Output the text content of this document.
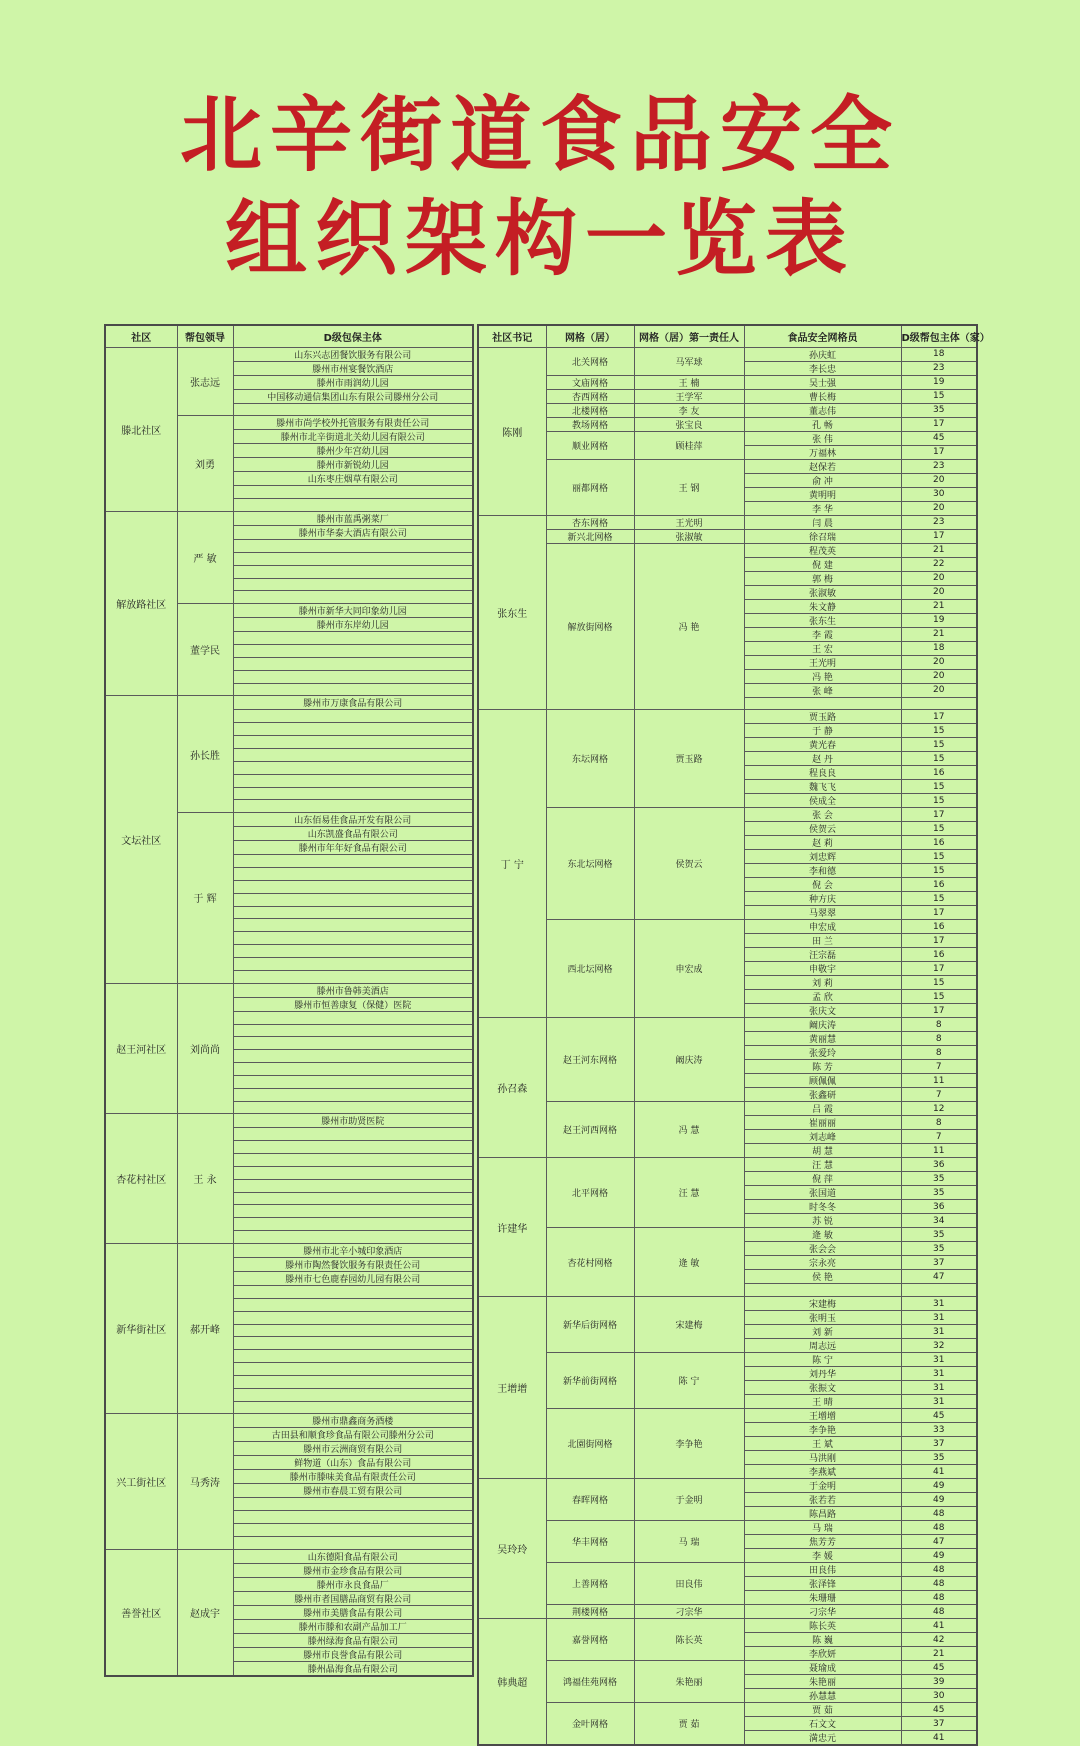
北辛街道食品安全
组织架构一览表
社区	帮包领导	D级包保主体
滕北社区	张志远	山东兴志团餐饮服务有限公司
		滕州市州宴餐饮酒店
		滕州市雨润幼儿园
		中国移动通信集团山东有限公司滕州分公司

	刘勇	滕州市尚学校外托管服务有限责任公司
		滕州市北辛街道北关幼儿园有限公司
		滕州少年宫幼儿园
		滕州市新锐幼儿园
		山东枣庄烟草有限公司

解放路社区	严 敏	滕州市蓝禹粥菜厂
		滕州市华泰大酒店有限公司

	董学民	滕州市新华大同印象幼儿园
		滕州市东岸幼儿园

文坛社区	孙长胜	滕州市万康食品有限公司

	于 辉	山东佰易佳食品开发有限公司
		山东凯盛食品有限公司
		滕州市年年好食品有限公司

赵王河社区	刘尚尚	滕州市鲁韩美酒店
		滕州市恒善康复（保健）医院

杏花村社区	王 永	滕州市助贤医院

新华街社区	郝开峰	滕州市北辛小城印象酒店
		滕州市陶然餐饮服务有限责任公司
		滕州市七色鹿春园幼儿园有限公司

兴工街社区	马秀涛	滕州市鼎鑫商务酒楼
		古田县和顺食珍食品有限公司滕州分公司
		滕州市云洲商贸有限公司
		鲜物道（山东）食品有限公司
		滕州市滕味美食品有限责任公司
		滕州市春晨工贸有限公司

善誉社区	赵成宇	山东德阳食品有限公司
		滕州市金珍食品有限公司
		滕州市永良食品厂
		滕州市者国膳品商贸有限公司
		滕州市美膳食品有限公司
		滕州市滕和农副产品加工厂
		滕州绿海食品有限公司
		滕州市良誉食品有限公司
		滕州晶海食品有限公司
社区书记	网格（居）	网格（居）第一责任人	食品安全网格员	D级帮包主体（家）
陈刚	北关网格	马军球	孙庆虹	18
			李长忠	23
	文庙网格	王 楠	吴士强	19
	杏西网格	王学军	曹长梅	15
	北楼网格	李 友	董志伟	35
	教场网格	张宝良	孔 畅	17
	顺业网格	顾桂萍	张 伟	45
			万福林	17
	丽都网格	王 钢	赵保若	23
			俞 冲	20
			黄明明	30
			李 华	20
张东生	杏东网格	王光明	闫 晨	23
	新兴北网格	张淑敏	徐召瑞	17
	解放街网格	冯 艳	程茂英	21
			倪 建	22
			郭 梅	20
			张淑敏	20
			朱文静	21
			张东生	19
			李 霞	21
			王 宏	18
			王光明	20
			冯 艳	20
			张 峰	20

丁 宁	东坛网格	贾玉路	贾玉路	17
			于 静	15
			黄光春	15
			赵 丹	15
			程良良	16
			魏飞飞	15
			侯成全	15
	东北坛网格	侯贺云	张 会	17
			侯贺云	15
			赵 莉	16
			刘忠辉	15
			李和德	15
			倪 会	16
			种方庆	15
			马翠翠	17
	西北坛网格	申宏成	申宏成	16
			田 兰	17
			汪宗磊	16
			申敬宇	17
			刘 莉	15
			孟 欣	15
			张庆文	17
孙召森	赵王河东网格	阚庆涛	阚庆涛	8
			黄丽慧	8
			张爱玲	8
			陈 芳	7
			顾佩佩	11
			张鑫研	7
	赵王河西网格	冯 慧	吕 霞	12
			崔丽丽	8
			刘志峰	7
			胡 慧	11
许建华	北平网格	汪 慧	汪 慧	36
			倪 萍	35
			张国道	35
			时冬冬	36
			苏 锐	34
	杏花村网格	逄 敏	逄 敏	35
			张会会	35
			宗永亮	37
			侯 艳	47

王增增	新华后街网格	宋建梅	宋建梅	31
			张明玉	31
			刘 新	31
			周志远	32
	新华前街网格	陈 宁	陈 宁	31
			刘丹华	31
			张振文	31
			王 晴	31
	北園街网格	李争艳	王增增	45
			李争艳	33
			王 斌	37
			马洪刚	35
			李燕斌	41
吴玲玲	春晖网格	于金明	于金明	49
			张若若	49
			陈昌路	48
	华丰网格	马 瑞	马 瑞	48
			焦芳芳	47
			李 媛	49
	上善网格	田良伟	田良伟	48
			张泽锋	48
			朱珊珊	48
	荆楼网格	刁宗华	刁宗华	48
韩典超	嘉誉网格	陈长英	陈长英	41
			陈 巍	42
			李欣妍	21
	鸿福佳苑网格	朱艳丽	聂瑜成	45
			朱艳丽	39
			孙慧慧	30
	金叶网格	贾 茹	贾 茹	45
			石文文	37
			満忠元	41
